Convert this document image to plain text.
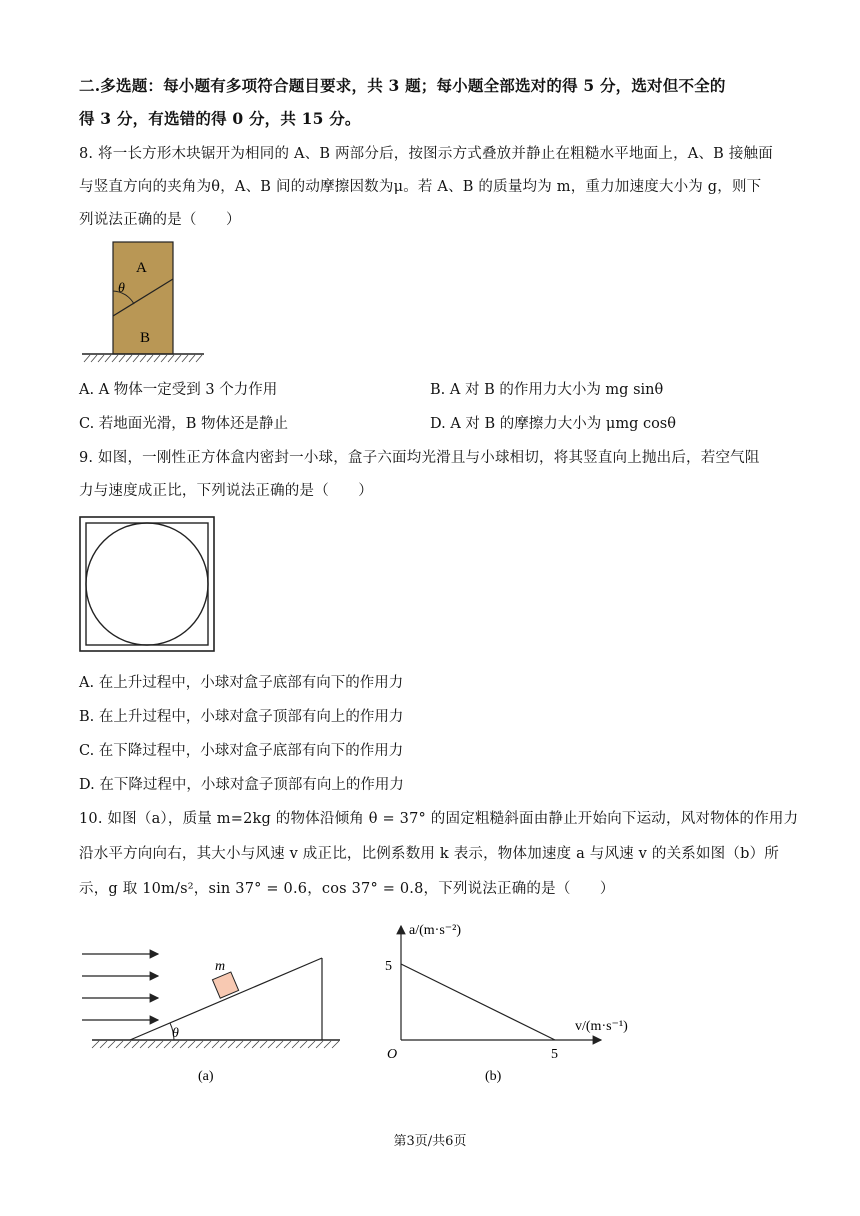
二.多选题：每小题有多项符合题目要求，共 3 题；每小题全部选对的得 5 分，选对但不全的
得 3 分，有选错的得 0 分，共 15 分。
8. 将一长方形木块锯开为相同的 A、B 两部分后，按图示方式叠放并静止在粗糙水平地面上，A、B 接触面
与竖直方向的夹角为θ，A、B 间的动摩擦因数为μ。若 A、B 的质量均为 m，重力加速度大小为 g，则下
列说法正确的是（　　）
A
θ
B
A. A 物体一定受到 3 个力作用	B. A 对 B 的作用力大小为 mg sinθ
C. 若地面光滑，B 物体还是静止	D. A 对 B 的摩擦力大小为 μmg cosθ
9. 如图，一刚性正方体盒内密封一小球，盒子六面均光滑且与小球相切，将其竖直向上抛出后，若空气阻
力与速度成正比，下列说法正确的是（　　）
A. 在上升过程中，小球对盒子底部有向下的作用力
B. 在上升过程中，小球对盒子顶部有向上的作用力
C. 在下降过程中，小球对盒子底部有向下的作用力
D. 在下降过程中，小球对盒子顶部有向上的作用力
10. 如图（a），质量 m=2kg 的物体沿倾角 θ = 37° 的固定粗糙斜面由静止开始向下运动，风对物体的作用力
沿水平方向向右，其大小与风速 v 成正比，比例系数用 k 表示，物体加速度 a 与风速 v 的关系如图（b）所
示，g 取 10m/s²，sin 37° = 0.6，cos 37° = 0.8，下列说法正确的是（　　）
θ
m
(a)
a/(m·s⁻²)
v/(m·s⁻¹)
O
5
5
(b)
第3页/共6页
